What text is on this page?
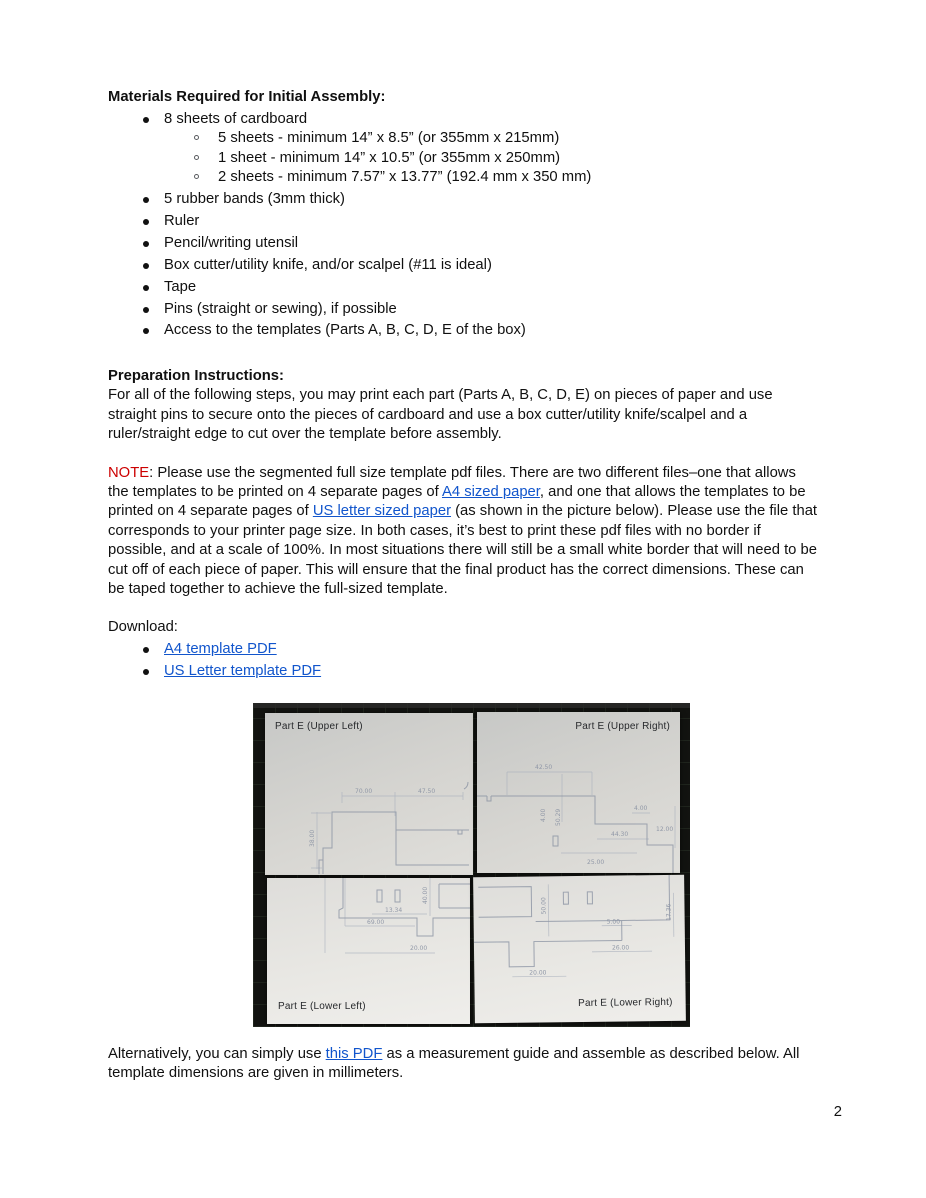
Materials Required for Initial Assembly:
8 sheets of cardboard
5 sheets - minimum 14” x 8.5” (or 355mm x 215mm)
1 sheet - minimum 14” x 10.5” (or 355mm x 250mm)
2 sheets - minimum 7.57” x 13.77” (192.4 mm x 350 mm)
5 rubber bands (3mm thick)
Ruler
Pencil/writing utensil
Box cutter/utility knife, and/or scalpel (#11 is ideal)
Tape
Pins (straight or sewing), if possible
Access to the templates (Parts A, B, C, D, E of the box)
Preparation Instructions:
For all of the following steps, you may print each part (Parts A, B, C, D, E) on pieces of paper and use straight pins to secure onto the pieces of cardboard and use a box cutter/utility knife/scalpel and a ruler/straight edge to cut over the template before assembly.
NOTE: Please use the segmented full size template pdf files. There are two different files–one that allows the templates to be printed on 4 separate pages of A4 sized paper, and one that allows the templates to be printed on 4 separate pages of US letter sized paper (as shown in the picture below). Please use the file that corresponds to your printer page size. In both cases, it’s best to print these pdf files with no border if possible, and at a scale of 100%. In most situations there will still be a small white border that will need to be cut off of each piece of paper. This will ensure that the final product has the correct dimensions. These can be taped together to achieve the full-sized template.
Download:
A4 template PDF
US Letter template PDF
70.00	47.50
38.00
Part E (Upper Left)
42.50
4.00 50.29
4.00
12.00
44.30
25.00
Part E (Upper Right)
13.34
40.00
69.00
20.00
Part E (Lower Left)
50.00
5.00
26.00
20.00
17.36
Part E (Lower Right)
Alternatively, you can simply use this PDF as a measurement guide and assemble as described below. All template dimensions are given in millimeters.
2
